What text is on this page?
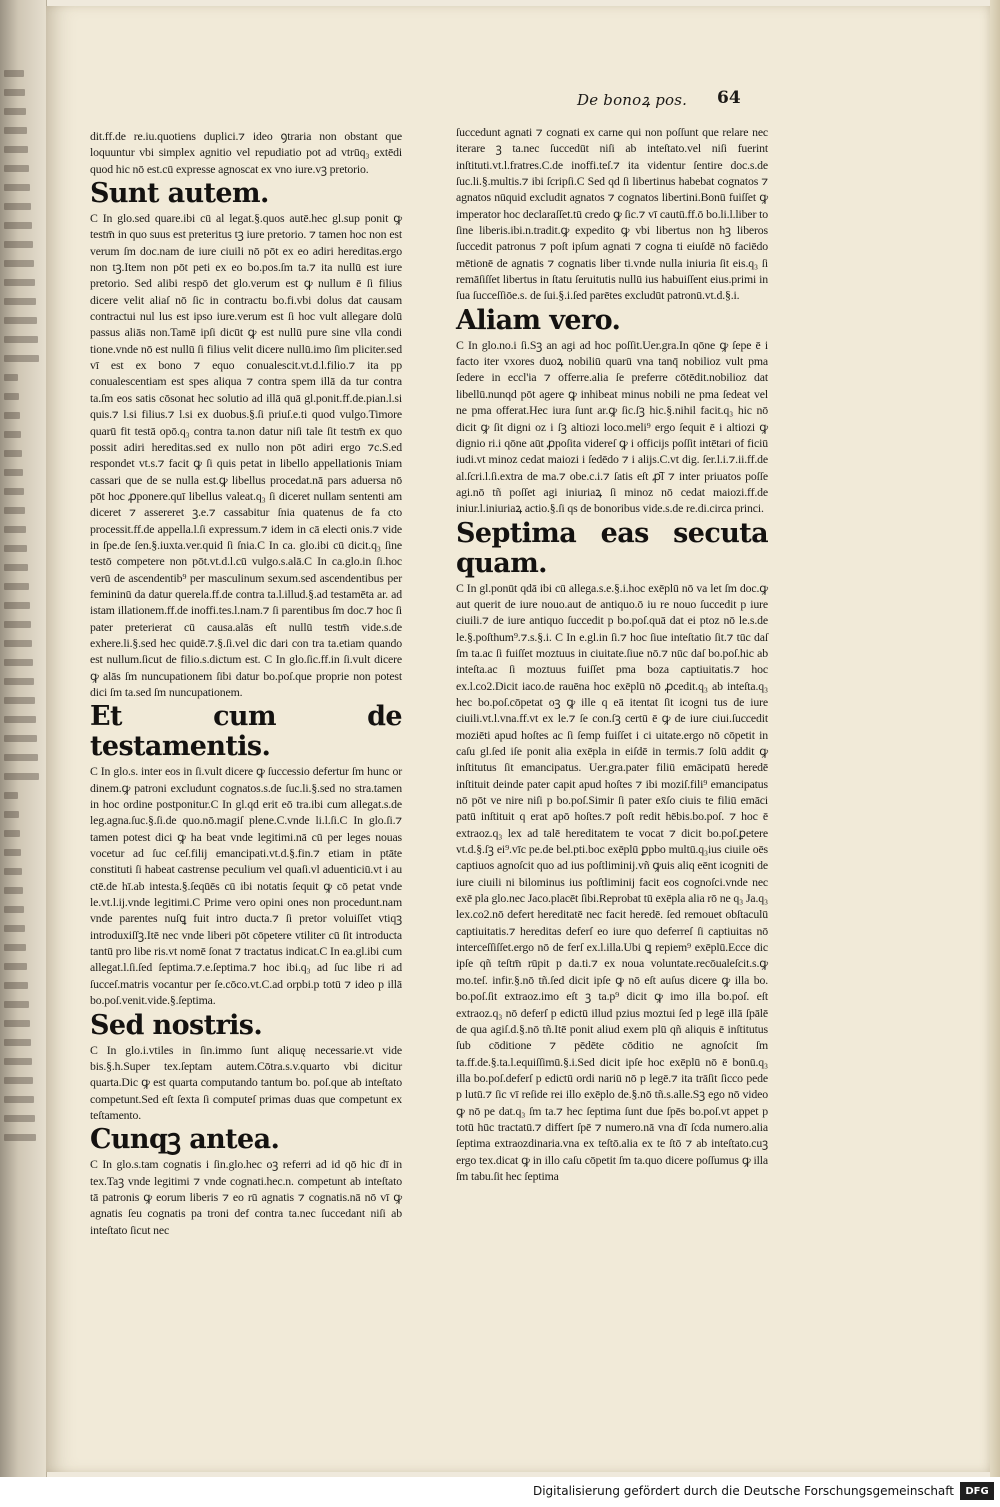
De bonoꝝ pos. 64

dit.ff.de re.iu.quotiens duplici.⁊ ideo ꝯtraria non obstant que loquuntur vbi simplex agnitio vel repudiatio pot ad vtrūq₃ extēdi quod hic nō est.cū expresse agnoscat ex vno iure.vꝫ pretorio.

Sunt autem.
C In glo.sed quare.ibi cū al legat.§.quos autē.hec gl.sup ponit ꝙ testm̄ in quo suus est preteritus tꝫ iure pretorio. ⁊ tamen hoc non est verum ſm doc.nam de iure ciuili nō pōt ex eo adiri hereditas.ergo non tꝫ.Item non pōt peti ex eo bo.pos.ſm ta.⁊ ita nullū est iure pretorio. Sed alibi respō det glo.verum est ꝙ nullum ē ſi filius dicere velit aliaſ nō ſic in contractu bo.fi.vbi dolus dat causam contractui nul lus est ipso iure.verum est ſi hoc vult allegare dolū passus aliās non.Tamē ipſi dicūt ꝙ est nullū pure sine vlla condi tione.vnde nō est nullū ſi filius velit dicere nullū.imo ſim pliciter.sed vī est ex bono ⁊ equo conualescit.vt.d.l.filio.⁊ ita pp conualescentiam est spes aliqua ⁊ contra spem illā da tur contra ta.ſm eos satis cōsonat hec solutio ad illā quā gl.ponit.ff.de.pian.l.si quis.⁊ l.si filius.⁊ l.si ex duobus.§.ſi priuſ.e.ti quod vulgo.Timore quarū fit testā opō.q₃ contra ta.non datur niſi tale ſit testm̄ ex quo possit adiri hereditas.sed ex nullo non pōt adiri ergo ⁊c.S.ed respondet vt.s.⁊ facit ꝙ ſi quis petat in libello appellationis īniam cassari que de se nulla est.ꝙ libellus procedat.nā pars aduersa nō pōt hoc ꝓponere.quī libellus valeat.q₃ ſi diceret nullam sententi am diceret ⁊ assereret ꝫ.e.⁊ cassabitur ſnia quatenus de fa cto processit.ff.de appella.l.ſi expressum.⁊ idem in cā electi onis.⁊ vide in ſpe.de ſen.§.iuxta.ver.quid ſi ſnia.C In ca. glo.ibi cū dicit.q₃ ſine testō competere non pōt.vt.d.l.cū vulgo.s.alā.C In ca.glo.in ſi.hoc verū de ascendentib⁹ per masculinum sexum.sed ascendentibus per femininū da datur querela.ff.de contra ta.l.illud.§.ad testamēta ar. ad istam illationem.ff.de inoffi.tes.l.nam.⁊ ſi parentibus ſm doc.⁊ hoc ſi pater preterierat cū causa.alās eſt nullū testm̄ vide.s.de exhere.li.§.sed hec quidē.⁊.§.ſi.vel dic dari con tra ta.etiam quando est nullum.ſicut de filio.s.dictum est. C In glo.ſic.ff.in ſi.vult dicere ꝙ alās ſm nuncupationem ſibi datur bo.poſ.que proprie non potest dici ſm ta.sed ſm nuncupationem.

Et cum de testamentis.
C In glo.s. inter eos in ſi.vult dicere ꝙ ſuccessio defertur ſm hunc or dinem.ꝙ patroni excludunt cognatos.s.de ſuc.li.§.sed no stra.tamen in hoc ordine postponitur.C In gl.qd erit eō tra.ibi cum allegat.s.de leg.agna.ſuc.§.ſi.de quo.nō.magiſ plene.C.vnde li.l.ſi.C In glo.ſi.⁊ tamen potest dici ꝙ ha beat vnde legitimi.nā cū per leges nouas vocetur ad ſuc ceſ.filij emancipati.vt.d.§.fin.⁊ etiam in ptāte constituti ſi habeat castrense peculium vel quaſi.vl aduenticiū.vt i au ctē.de hī.ab intesta.§.ſeqūēs cū ibi notatis ſequit ꝙ cō petat vnde le.vt.l.ij.vnde legitimi.C Prime vero opini ones non procedunt.nam vnde parentes nuſꝗ fuit intro ducta.⁊ ſi pretor voluiſſet vtiqꝫ introduxiſſꝫ.Itē nec vnde liberi pōt cōpetere vtiliter cū ſit introducta tantū pro libe ris.vt nomē ſonat ⁊ tractatus indicat.C In ea.gl.ibi cum allegat.l.ſi.ſed ſeptima.⁊.e.ſeptima.⁊ hoc ibi.q₃ ad ſuc libe ri ad ſucceſ.matris vocantur per ſe.cōco.vt.C.ad orpbi.p totū ⁊ ideo p illā bo.poſ.venit.vide.§.ſeptima.

Sed nostris.
C In glo.i.vtiles in ſin.immo ſunt aliquę necessarie.vt vide bis.§.h.Super tex.ſeptam autem.Cōtra.s.v.quarto vbi dicitur quarta.Dic ꝙ est quarta computando tantum bo. poſ.que ab inteſtato competunt.Sed eſt ſexta ſi computeſ primas duas que competunt ex teſtamento.

Cunqꝫ antea.
C In glo.s.tam cognatis i ſin.glo.hec oꝫ referri ad id qō hic dī in tex.Taꝫ vnde legitimi ⁊ vnde cognati.hec.n. competunt ab inteſtato tā patronis ꝙ eorum liberis ⁊ eo rū agnatis ⁊ cognatis.nā nō vī ꝙ agnatis ſeu cognatis pa troni def contra ta.nec ſuccedant niſi ab inteſtato ſicut nec

ſuccedunt agnati ⁊ cognati ex carne qui non poſſunt que relare nec iterare ꝫ ta.nec ſuccedūt niſi ab inteſtato.vel niſi fuerint inſtituti.vt.l.fratres.C.de inoffi.teſ.⁊ ita videntur ſentire doc.s.de ſuc.li.§.multis.⁊ ibi ſcripſi.C Sed qd ſi libertinus habebat cognatos ⁊ agnatos nūquid excludit agnatos ⁊ cognatos libertini.Bonū fuiſſet ꝙ imperator hoc declaraſſet.tū credo ꝙ ſic.⁊ vī cautū.ff.ō bo.li.l.liber to ſine liberis.ibi.n.tradit.ꝙ expedito ꝙ vbi libertus non hꝫ liberos ſuccedit patronus ⁊ poſt ipſum agnati ⁊ cogna ti eiuſdē nō faciēdo mētionē de agnatis ⁊ cognatis liber ti.vnde nulla iniuria ſit eis.q₃ ſi remāſiſſet libertus in ſtatu ſeruitutis nullū ius habuiſſent eius.primi in ſua ſucceſſiōe.s. de ſui.§.i.ſed parētes excludūt patronū.vt.d.§.i.

Aliam vero.
C In glo.no.i ſi.Sꝫ an agi ad hoc poſſit.Uer.gra.In qōne ꝙ ſepe ē i facto iter vxores duoꝝ nobiliū quarū vna tanq̄ nobilioz vult pma ſedere in eccl'ia ⁊ offerre.alia ſe preferre cōtēdit.nobilioz dat libellū.nunqd pōt agere ꝙ inhibeat minus nobili ne pma ſedeat vel ne pma offerat.Hec iura ſunt ar.ꝙ ſic.ſꝫ hic.§.nihil facit.q₃ hic nō dicit ꝙ ſit digni oz i ſꝫ altiozi loco.meli⁹ ergo ſequit ē i altiozi ꝙ dignio ri.i qōne aūt ꝓpoſita videreſ ꝙ i officijs poſſit intētari of ficiū iudi.vt minoz cedat maiozi i ſedēdo ⁊ i alijs.C.vt dig. ſer.l.i.⁊.ii.ff.de al.ſcri.l.ſi.extra de ma.⁊ obe.c.i.⁊ ſatis eſt ꝓ̄ſ ⁊ inter priuatos poſſe agi.nō tñ poſſet agi iniuriaꝝ ſi minoz nō cedat maiozi.ff.de iniur.l.iniuriaꝝ actio.§.ſi qs de bonoribus vide.s.de re.di.circa princi.

Septima eas secuta quam.
C In gl.ponūt qdā ibi cū allega.s.e.§.i.hoc exēplū nō va let ſm doc.ꝙ aut querit de iure nouo.aut de antiquo.ō iu re nouo ſuccedit p iure ciuili.⁊ de iure antiquo ſuccedit p bo.poſ.quā dat ei ptoz nō le.s.de le.§.poſthum⁹.⁊.s.§.i. C In e.gl.in ſi.⁊ hoc ſiue inteſtatio ſit.⁊ tūc daſ ſm ta.ac ſi fuiſſet moztuus in ciuitate.ſiue nō.⁊ nūc daſ bo.poſ.hic ab inteſta.ac ſi moztuus fuiſſet pma boza captiuitatis.⁊ hoc ex.l.co2.Dicit iaco.de rauēna hoc exēplū nō ꝓcedit.q₃ ab inteſta.q₃ hec bo.poſ.cōpetat oꝫ ꝙ ille q eā itentat ſit icogni tus de iure ciuili.vt.l.vna.ff.vt ex le.⁊ ſe con.ſꝫ certū ē ꝙ de iure ciui.ſuccedit moziēti apud hoſtes ac ſi ſemp fuiſſet i ci uitate.ergo nō cōpetit in caſu gl.ſed iſe ponit alia exēpla in eiſdē in termis.⁊ ſolū addit ꝙ inſtitutus ſit emancipatus. Uer.gra.pater filiū emācipatū heredē inſtituit deinde pater capit apud hoſtes ⁊ ibi moziſ.fili⁹ emancipatus nō pōt ve nire niſi p bo.poſ.Simir ſi pater ex̄ſo ciuis te filiū emāci patū inſtituit q erat apō hoſtes.⁊ poſt redit hēbis.bo.poſ. ⁊ hoc ē extraoz.q₃ lex ad talē hereditatem te vocat ⁊ dicit bo.poſ.ꝑetere vt.d.§.ſꝫ ei⁹.vīc pe.de bel.pti.boc exēplū ꝑpbo multū.q₃ius ciuile oēs captiuos agnoſcit quo ad ius poſtliminij.vñ ꝙuis aliq eēnt icogniti de iure ciuili ni bilominus ius poſtliminij facit eos cognoſci.vnde nec exē pla glo.nec Jaco.placēt ſibi.Reprobat tū exēpla alia rō ne q₃ Ja.q₃ lex.co2.nō defert hereditatē nec facit heredē. ſed remouet obſtaculū captiuitatis.⁊ hereditas deferſ eo iure quo deferreſ ſi captiuitas nō interceſſiſſet.ergo nō de ferſ ex.l.illa.Ubi ꝗ repiem⁹ exēplū.Ecce dic ipſe qñ teſtm̄ rūpit p da.ti.⁊ ex noua voluntate.recōualeſcit.s.ꝙ mo.teſ. infir.§.nō tñ.ſed dicit ipſe ꝙ nō eſt auſus dicere ꝙ illa bo. bo.poſ.ſit extraoz.imo eſt ꝫ ta.p⁹ dicit ꝙ imo illa bo.poſ. eſt extraoz.q₃ nō deferſ p edictū illud pzius moztui ſed p legē illā ſpālē de qua agiſ.d.§.nō tñ.Itē ponit aliud exem plū qñ aliquis ē inſtitutus ſub cōditione ⁊ pēdēte cōditio ne agnoſcit ſm ta.ff.de.§.ta.l.equiſſimū.§.i.Sed dicit ipſe hoc exēplū nō ē bonū.q₃ illa bo.poſ.deferſ p edictū ordi nariū nō p legē.⁊ ita trāſit ſicco pede p lutū.⁊ ſic vī reſide rei illo exēplo de.§.nō tñ.s.alle.Sꝫ ego nō video ꝙ nō pe dat.q₃ ſm ta.⁊ hec ſeptima ſunt due ſpēs bo.poſ.vt appet p totū hūc tractatū.⁊ differt ſpē ⁊ numero.nā vna dī ſcda numero.alia ſeptima extraozdinaria.vna ex teſtō.alia ex te ſtō ⁊ ab inteſtato.cuꝫ ergo tex.dicat ꝙ in illo caſu cōpetit ſm ta.quo dicere poſſumus ꝙ illa ſm tabu.ſit hec ſeptima

Digitalisierung gefördert durch die Deutsche Forschungsgemeinschaft	DFG
